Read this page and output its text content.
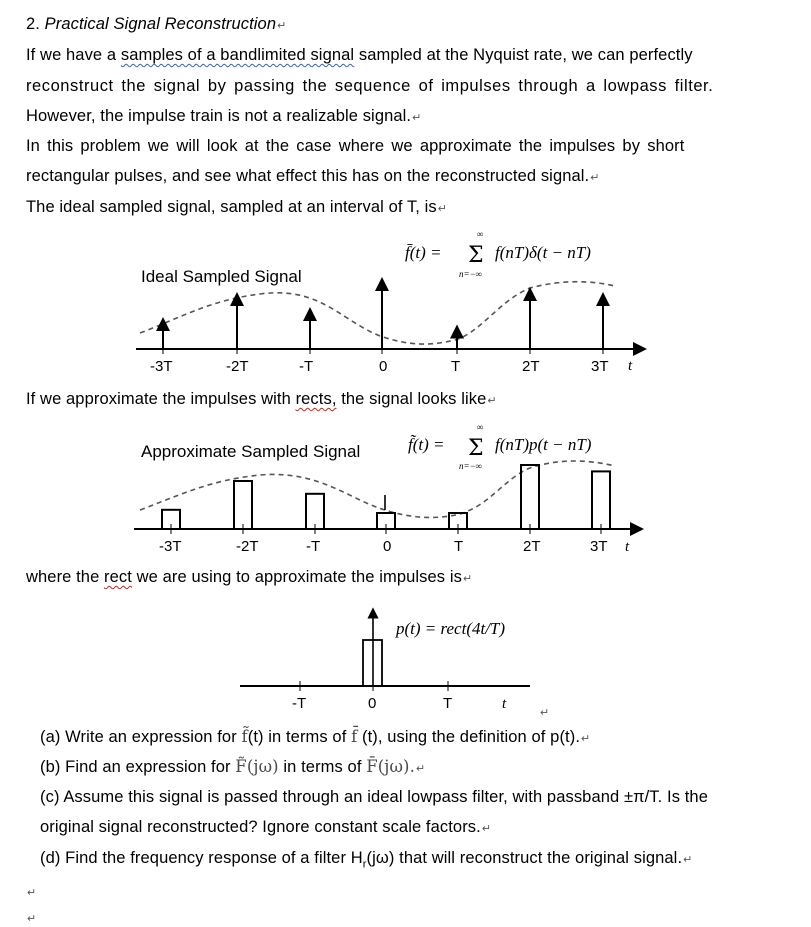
2. Practical Signal Reconstruction↵
If we have a samples of a bandlimited signal sampled at the Nyquist rate, we can perfectly
reconstruct the signal by passing the sequence of impulses through a lowpass filter.
However, the impulse train is not a realizable signal.↵
In this problem we will look at the case where we approximate the impulses by short
rectangular pulses, and see what effect this has on the reconstructed signal.↵
The ideal sampled signal, sampled at an interval of T, is↵
Ideal Sampled Signal
f̄(t) =
∞
Σ
n=−∞
f(nT)δ(t − nT)
-3T	-2T	-T	0	T	2T	3T t
If we approximate the impulses with rects, the signal looks like↵
Approximate Sampled Signal	f̃(t) =
∞
Σ
n=−∞
f(nT)p(t − nT)
-3T	-2T	-T	0	T	2T	3T t
where the rect we are using to approximate the impulses is↵
p(t) = rect(4t/T)
-T	0	T	t
↵
(a) Write an expression for f̃(t) in terms of f̄ (t), using the definition of p(t).↵
(b) Find an expression for F̃(jω) in terms of F̄(jω).↵
(c) Assume this signal is passed through an ideal lowpass filter, with passband ±π/T. Is the
original signal reconstructed? Ignore constant scale factors.↵
(d) Find the frequency response of a filter $H_r(j\omega)$ that will reconstruct the original signal.↵
↵
↵
